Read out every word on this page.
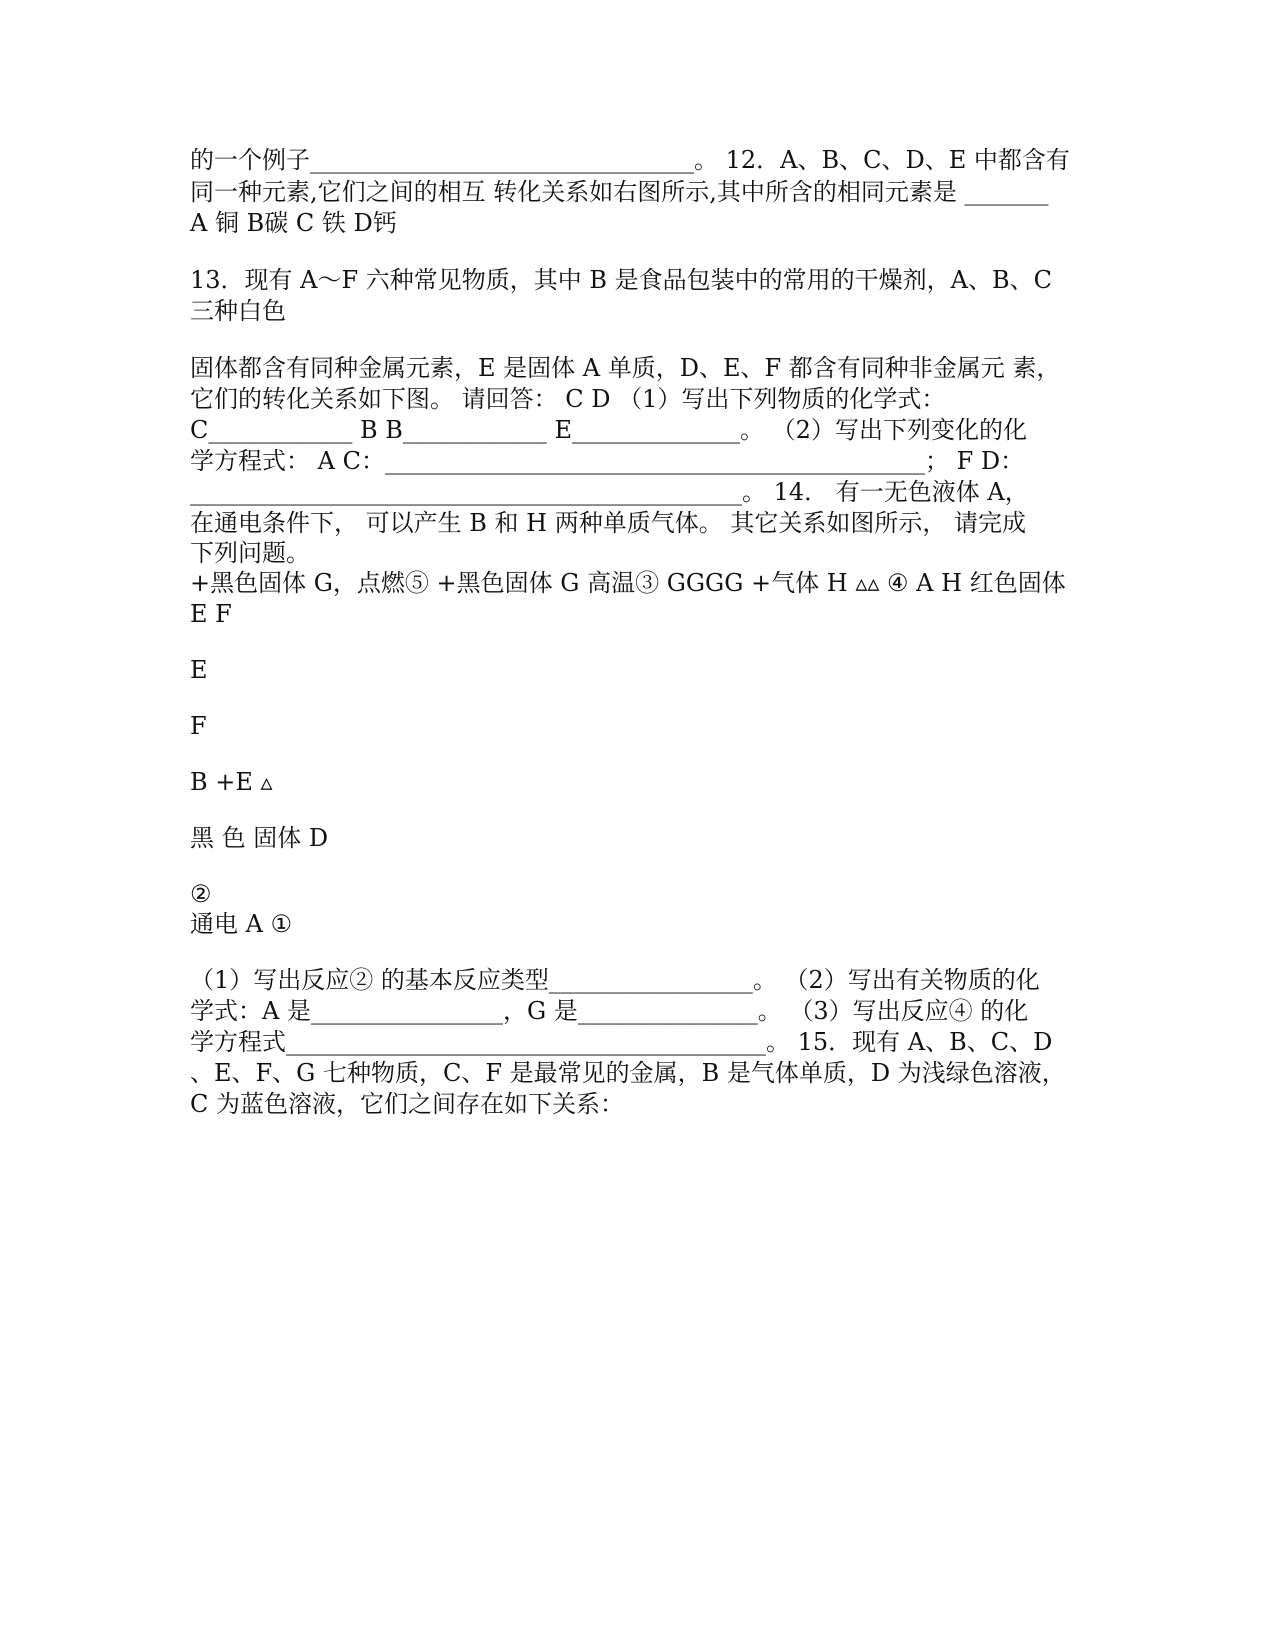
的一个例子________________________________。 12．A、B、C、D、E 中都含有
同一种元素,它们之间的相互 转化关系如右图所示,其中所含的相同元素是 _______
A 铜 B碳 C 铁 D钙
13．现有 A～F 六种常见物质，其中 B 是食品包装中的常用的干燥剂，A、B、C
三种白色
固体都含有同种金属元素，E 是固体 A 单质，D、E、F 都含有同种非金属元 素，
它们的转化关系如下图。 请回答： C D （1）写出下列物质的化学式：
C____________ B B____________ E______________。 （2）写出下列变化的化
学方程式： A C：_____________________________________________； F D：
______________________________________________。 14． 有一无色液体 A，
在通电条件下， 可以产生 B 和 H 两种单质气体。 其它关系如图所示， 请完成
下列问题。
+黑色固体 G，点燃⑤ +黑色固体 G 高温③ GGGG +气体 H ▵▵ ④ A H 红色固体
E F
E
F
B +E ▵
黑 色 固体 D
②
通电 A ①
（1）写出反应② 的基本反应类型_________________。 （2）写出有关物质的化
学式：A 是________________，G 是_______________。 （3）写出反应④ 的化
学方程式________________________________________。 15．现有 A、B、C、D
、E、F、G 七种物质，C、F 是最常见的金属，B 是气体单质，D 为浅绿色溶液，
C 为蓝色溶液，它们之间存在如下关系：
